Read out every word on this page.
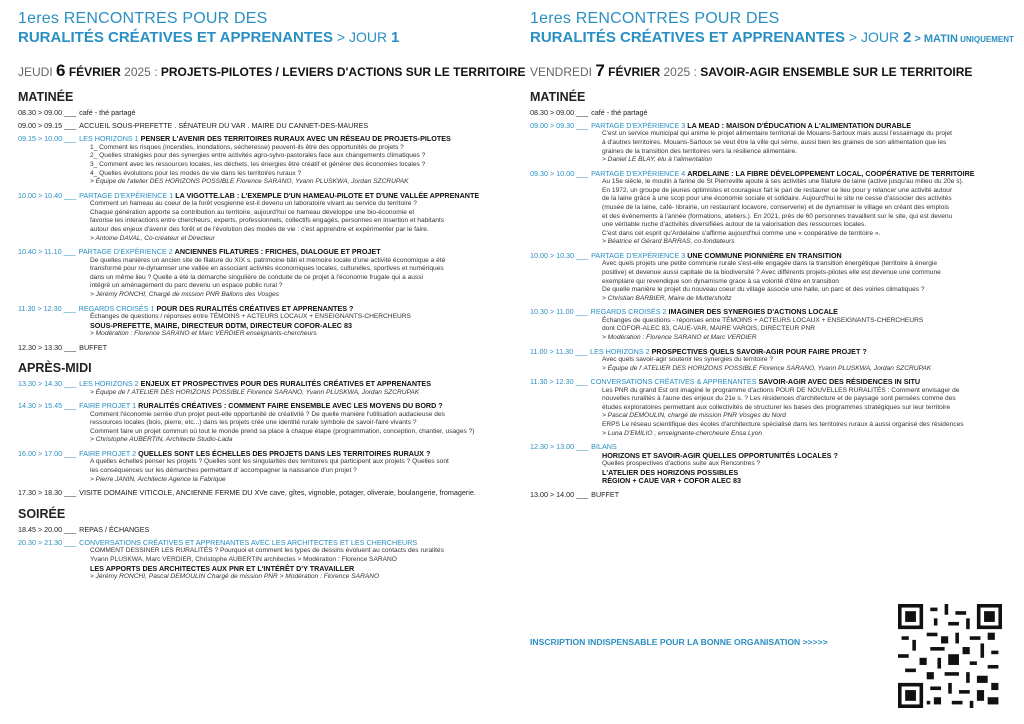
1eres RENCONTRES POUR DES
RURALITÉS CRÉATIVES ET APPRENANTES > JOUR 1
JEUDI 6 FÉVRIER 2025 : PROJETS-PILOTES / LEVIERS D'ACTIONS SUR LE TERRITOIRE
MATINÉE
08.30 > 09.00 ___ café - thé partagé
09.00 > 09.15 ___ ACCUEIL SOUS-PREFETTE . SÉNATEUR DU VAR . MAIRE DU CANNET-DES-MAURES
09.15 > 10.00 ___ LES HORIZONS 1 PENSER L'AVENIR DES TERRITOIRES RURAUX AVEC UN RÉSEAU DE PROJETS-PILOTES
1_ Comment les risques (incendies, inondations, sécheresse) peuvent-ils être des opportunités de projets ?
2_ Quelles stratégies pour des synergies entre activités agro-sylvo-pastorales face aux changements climatiques ?
3_ Comment avec les ressources locales, les déchets, les énergies être créatif et générer des économies locales ?
4_ Quelles évolutions pour les modes de vie dans les territoires ruraux ?
> Équipe de l'atelier DES HORIZONS POSSIBLE Florence SARANO, Yvann PLUSKWA, Jordan SZCRUPAK
10.00 > 10.40 ___ PARTAGE D'EXPÉRIENCE 1 LA VIGOTTE.LAB : L'EXEMPLE D'UN HAMEAU-PILOTE ET D'UNE VALLÉE APPRENANTE
Comment un hameau au coeur de la forêt vosgienne est-il devenu un laboratoire vivant au service du territoire ?
Chaque génération apporte sa contribution au territoire, aujourd'hui ce hameau développe une bio-économie et
favorise les interactions entre chercheurs, experts, professionnels, collectifs engagés, personnes en insertion et habitants
autour des enjeux d'avenir des forêt et de l'évolution des modes de vie : c'est apprendre et expérimenter par le faire.
> Antoine DAVAL, Co-créateur et Directeur
10.40 > 11.10 ___ PARTAGE D'EXPÉRIENCE 2 ANCIENNES FILATURES : FRICHES, DIALOGUE ET PROJET
De quelles manières un ancien site de filature du XIX s. patrimoine bâti et mémoire locale d'une activité économique a été
transformé pour re-dynamiser une vallée en associant activités économiques locales, culturelles, sportives et numériques
dans un même lieu ? Quelle a été la démarche singulière de conduite de ce projet à l'économie frugale qui a aussi
intégré un aménagement du parc devenu un espace public rural ?
> Jérémy RONCHI, Chargé de mission PNR Ballons des Vosges
11.30 > 12.30 ___ REGARDS CROISÉS 1 POUR DES RURALITÉS CRÉATIVES ET APPRENANTES ?
Échanges de questions / réponses entre TÉMOINS + ACTEURS LOCAUX + ENSEIGNANTS-CHERCHEURS
SOUS-PREFETTE, MAIRE, DIRECTEUR DDTM, DIRECTEUR COFOR-ALEC 83
> Modération : Florence SARANO et Marc VERDIER enseignants-chercheurs
12.30 > 13.30 ___ BUFFET
APRÈS-MIDI
13.30 > 14.30 ___ LES HORIZONS 2 ENJEUX ET PROSPECTIVES POUR DES RURALITÉS CRÉATIVES ET APPRENANTES
> Équipe de l' ATELIER DES HORIZONS POSSIBLE Florence SARANO, Yvann PLUSKWA, Jordan SZCRUPAK
14.30 > 15.45 ___ FAIRE PROJET 1 RURALITÉS CRÉATIVES : COMMENT FAIRE ENSEMBLE AVEC LES MOYENS DU BORD ?
Comment l'économie serrée d'un projet peut-elle opportunité de créativité ? De quelle manière l'utilisation audacieuse des
ressources locales (bois, pierre, etc...) dans les projets crée une identité rurale symbole de savoir-faire vivants ?
Comment faire un projet commun où tout le monde prend sa place à chaque étape (programmation, conception, chantier, usages ?)
> Christophe AUBERTIN, Architecte Studio-Lada
16.00 > 17.00 ___ FAIRE PROJET 2 QUELLES SONT LES ÉCHELLES DES PROJETS DANS LES TERRITOIRES RURAUX ?
A quelles échelles penser les projets ? Quelles sont les singularités des territoires qui participent aux projets ? Quelles sont
les conséquences sur les démarches permettant d' accompagner la naissance d'un projet ?
> Pierre JANIN, Architecte Agence la Fabrique
17.30 > 18.30 ___ VISITE DOMAINE VITICOLE, ANCIENNE FERME DU XVe cave, gîtes, vignoble, potager, oliveraie, boulangerie, fromagerie.
SOIRÉE
18.45 > 20.00 ___ REPAS / ÉCHANGES
20.30 > 21.30 ___ CONVERSATIONS CRÉATIVES ET APPRENANTES AVEC LES ARCHITECTES ET LES CHERCHEURS
COMMENT DESSINER LES RURALITÉS ? Pourquoi et comment les types de dessins évoluent au contacts des ruralités
Yvann PLUSKWA, Marc VERDIER, Christophe AUBERTIN architectes > Modération : Florence SARANO
LES APPORTS DES ARCHITECTES AUX PNR ET L'INTÉRÊT D'Y TRAVAILLER
> Jérémy RONCHI, Pascal DEMOULIN Chargé de mission PNR > Modération : Florence SARANO
1eres RENCONTRES POUR DES
RURALITÉS CRÉATIVES ET APPRENANTES > JOUR 2 > MATIN UNIQUEMENT
VENDREDI 7 FÉVRIER 2025 : SAVOIR-AGIR ENSEMBLE SUR LE TERRITOIRE
MATINÉE
08.30 > 09.00 ___ café - thé partagé
09.00 > 09.30 ___ PARTAGE D'EXPÉRIENCE 3 LA MEAD : MAISON D'ÉDUCATION A L'ALIMENTATION DURABLE
C'est un service municipal qui anime le projet alimentaire territorial de Mouans-Sartoux mais aussi l'essaimage du projet
à d'autres territoires. Mouans-Sartoux se veut être la ville qui sème, aussi bien les graines de son alimentation que les
graines de la transition des territoires vers la résilience alimentaire.
> Daniel LE BLAY, élu à l'alimentation
09.30 > 10.00 ___ PARTAGE D'EXPÉRIENCE 4 ARDELAINE : LA FIBRE DÉVELOPPEMENT LOCAL, COOPÉRATIVE DE TERRITOIRE
Au 15e siècle, le moulin à farine de St Pierreville ajoute à ses activités une filature de laine (active jusqu'au milieu du 20e s).
En 1972, un groupe de jeunes optimistes et courageux fait le pari de restaurer ce lieu pour y relancer une activité autour
de la laine grâce à une scop pour une économie sociale et solidaire. Aujourd'hui le site ne cesse d'associer des activités
(musée de la laine, café- librairie, un restaurant locavore, conserverie) et de dynamiser le village en créant des emplois
et des événements à l'année (formations, ateliers.). En 2021, près de 60 personnes travaillent sur le site, qui est devenu
une véritable ruche d'activités diversifiées autour de la valorisation des ressources locales.
C'est dans cet esprit qu'Ardelaine s'affirme aujourd'hui comme une « coopérative de territoire ».
> Béatrice et Gérard BARRAS, co-fondateurs
10.00 > 10.30 ___ PARTAGE D'EXPÉRIENCE 3 UNE COMMUNE PIONNIÈRE EN TRANSITION
Avec quels projets une petite commune rurale s'est-elle engagée dans la transition énergétique (territoire à énergie
positive) et devenue aussi capitale de la biodiversité ? Avec différents projets-pilotes elle est devenue une commune
exemplaire qui revendique son dynamisme grace à sa volonté d'être en transition
De quelle manière le projet du nouveau coeur du village associe une halle, un parc et des voiries climatiques ?
> Christian BARBIER, Maire de Muttersholtz
10.30 > 11.00 ___ REGARDS CROISÉS 2 IMAGINER DES SYNERGIES D'ACTIONS LOCALE
Échanges de questions - réponses entre TÉMOINS + ACTEURS LOCAUX + ENSEIGNANTS-CHERCHEURS
dont COFOR-ALEC 83, CAUE-VAR, MAIRE VAROIS, DIRECTEUR PNR
> Modération : Florence SARANO et Marc VERDIER
11.00 > 11.30 ___ LES HORIZONS 2 PROSPECTIVES QUELS SAVOIR-AGIR POUR FAIRE PROJET ?
Avec quels savoir-agir soutenir les synergies du territoire ?
> Équipe de l' ATELIER DES HORIZONS POSSIBLE Florence SARANO, Yvann PLUSKWA, Jordan SZCRUPAK
11.30 > 12.30 ___ CONVERSATIONS CRÉATIVES & APPRENANTES SAVOIR-AGIR AVEC DES RÉSIDENCES IN SITU
Les PNR du grand Est ont imaginé le programme d'actions POUR DE NOUVELLES RURALITÉS : Comment envisager de
nouvelles ruralités à l'aune des enjeux du 21e s. ? Les résidences d'architecture et de paysage sont pensées comme des
études exploratoires permettant aux collectivités de structurer les bases des programmes stratégiques sur leur territoire
> Pascal DEMOULIN, chargé de mission PNR Vosges du Nord
ERPS Le réseau scientifique des écoles d'architecture spécialisé dans les territoires ruraux à aussi organisé des résidences
> Luna D'EMILIO , enseignante-chercheure Ensa Lyon
12.30 > 13.00 ___ BILANS
HORIZONS ET SAVOIR-AGIR QUELLES OPPORTUNITÉS LOCALES ?
Quelles prospectives d'actions suite aux Rencontres ?
L'ATELIER DES HORIZONS POSSIBLES
RÉGION + CAUE VAR + COFOR ALEC 83
13.00 > 14.00 ___ BUFFET
INSCRIPTION INDISPENSABLE POUR LA BONNE ORGANISATION >>>>>
